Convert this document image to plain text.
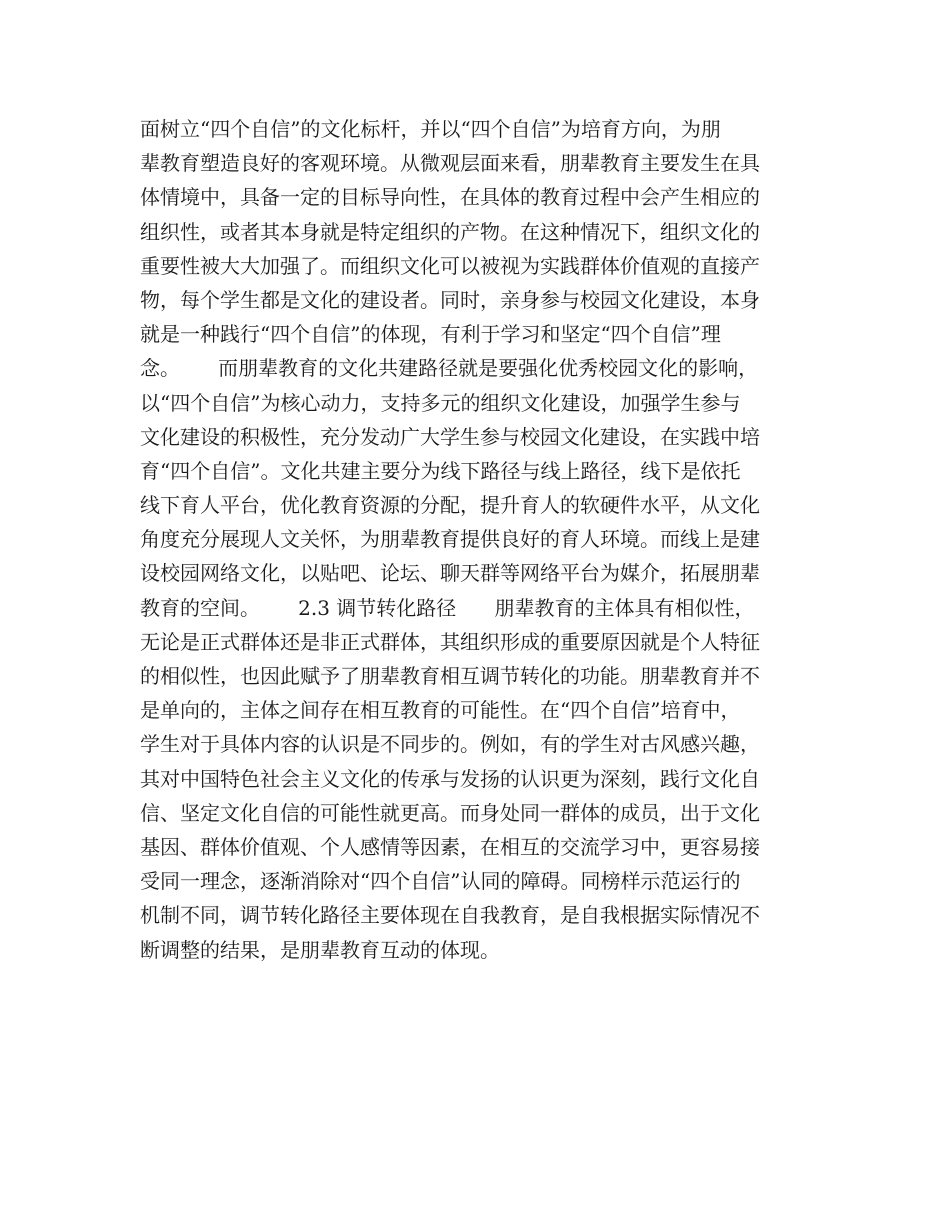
面树立“四个自信”的文化标杆，并以“四个自信”为培育方向，为朋
辈教育塑造良好的客观环境。从微观层面来看，朋辈教育主要发生在具
体情境中，具备一定的目标导向性，在具体的教育过程中会产生相应的
组织性，或者其本身就是特定组织的产物。在这种情况下，组织文化的
重要性被大大加强了。而组织文化可以被视为实践群体价值观的直接产
物，每个学生都是文化的建设者。同时，亲身参与校园文化建设，本身
就是一种践行“四个自信”的体现，有利于学习和坚定“四个自信”理
念。      而朋辈教育的文化共建路径就是要强化优秀校园文化的影响，
以“四个自信”为核心动力，支持多元的组织文化建设，加强学生参与
文化建设的积极性，充分发动广大学生参与校园文化建设，在实践中培
育“四个自信”。文化共建主要分为线下路径与线上路径，线下是依托
线下育人平台，优化教育资源的分配，提升育人的软硬件水平，从文化
角度充分展现人文关怀，为朋辈教育提供良好的育人环境。而线上是建
设校园网络文化，以贴吧、论坛、聊天群等网络平台为媒介，拓展朋辈
教育的空间。      2.3 调节转化路径      朋辈教育的主体具有相似性，
无论是正式群体还是非正式群体，其组织形成的重要原因就是个人特征
的相似性，也因此赋予了朋辈教育相互调节转化的功能。朋辈教育并不
是单向的，主体之间存在相互教育的可能性。在“四个自信”培育中，
学生对于具体内容的认识是不同步的。例如，有的学生对古风感兴趣，
其对中国特色社会主义文化的传承与发扬的认识更为深刻，践行文化自
信、坚定文化自信的可能性就更高。而身处同一群体的成员，出于文化
基因、群体价值观、个人感情等因素，在相互的交流学习中，更容易接
受同一理念，逐渐消除对“四个自信”认同的障碍。同榜样示范运行的
机制不同，调节转化路径主要体现在自我教育，是自我根据实际情况不
断调整的结果，是朋辈教育互动的体现。
